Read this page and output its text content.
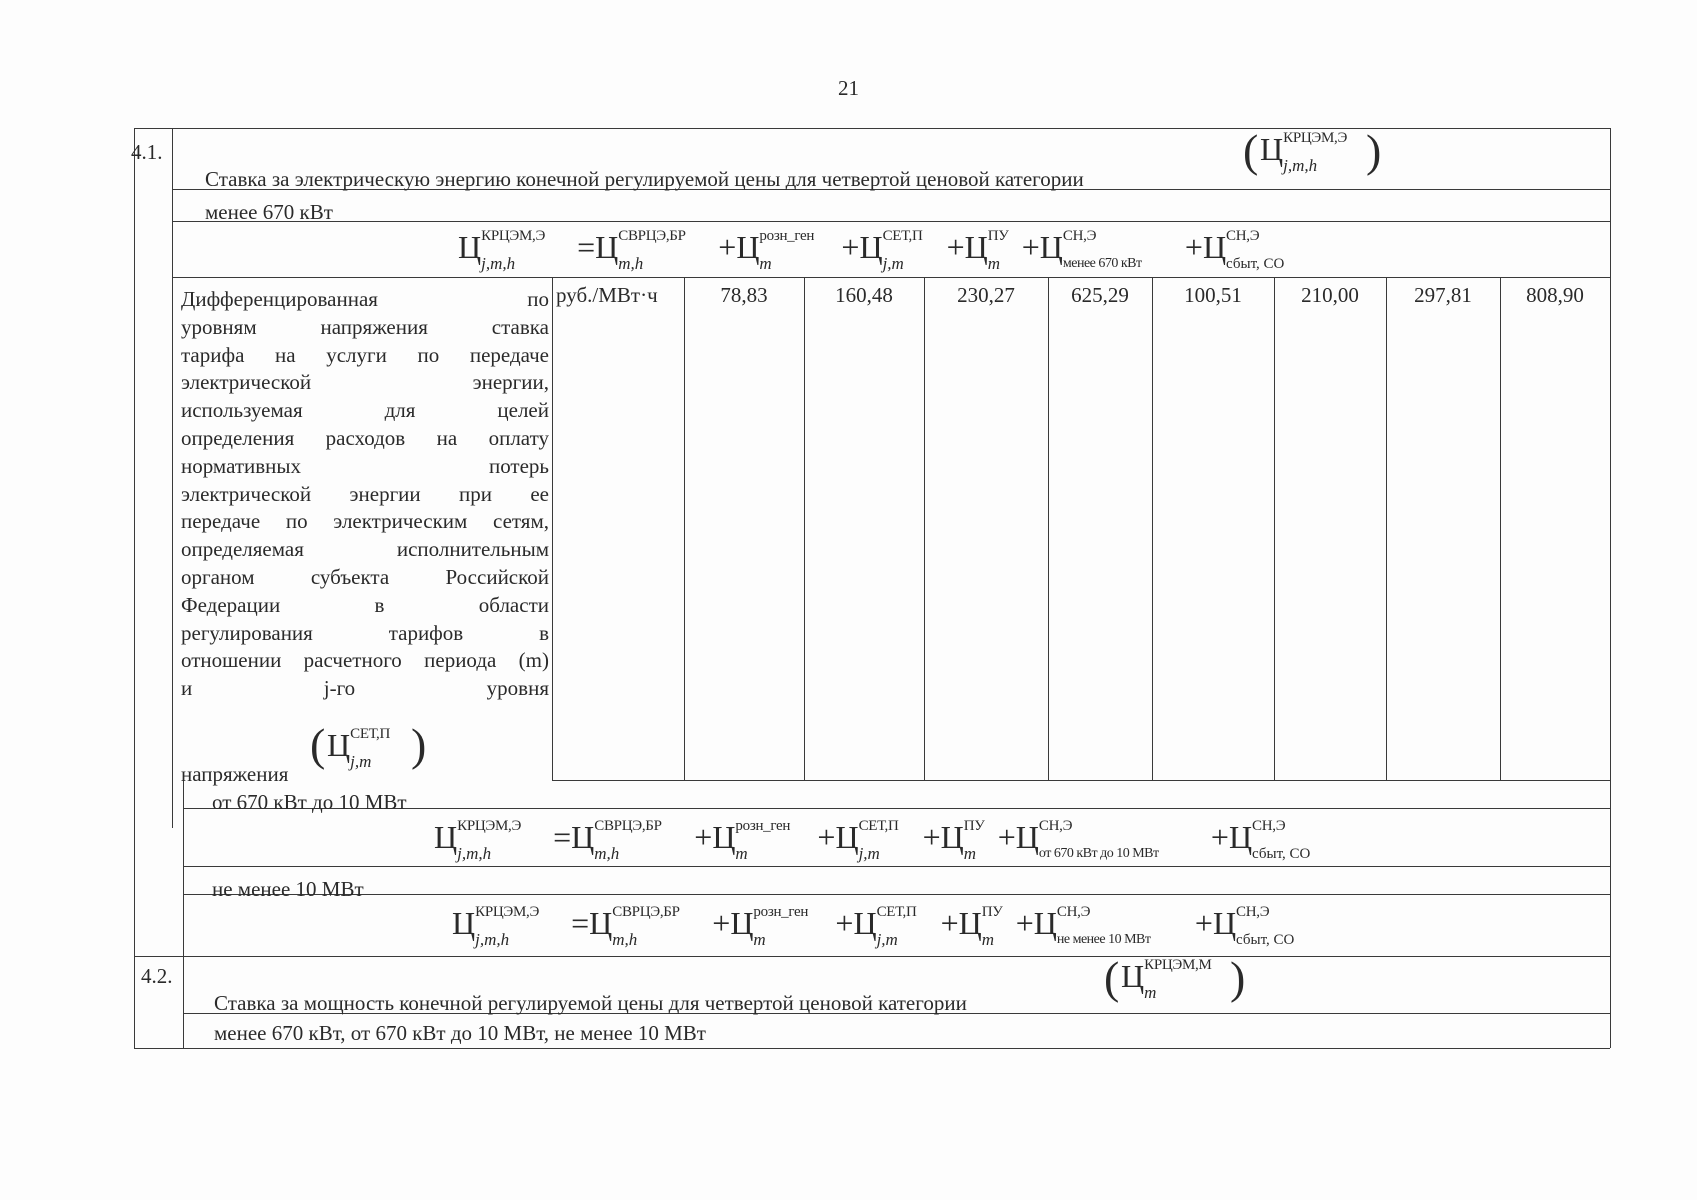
21
4.1.
Ставка за электрическую энергию конечной регулируемой цены для четвертой ценовой категории
( Ц КРЦЭМ,Э
j,m,h )
менее 670 кВт
Ц КРЦЭМ,Э
j,m,h =Ц СВРЦЭ,БР
m,h +Ц розн_ген
m +Ц СЕТ,П
j,m +Ц ПУ
m +Ц СН,Э
менее 670 кВт +Ц СН,Э
сбыт, СО
Дифференцированная по
уровням напряжения ставка
тарифа на услуги по передаче
электрической энергии,
используемая для целей
определения расходов на оплату
нормативных потерь
электрической энергии при ее
передаче по электрическим сетям,
определяемая исполнительным
органом субъекта Российской
Федерации в области
регулирования тарифов в
отношении расчетного периода (m)
и j-го уровня
( Ц СЕТ,П
j,m )
напряжения
руб./МВт·ч	78,83	160,48	230,27	625,29	100,51	210,00	297,81	808,90
от 670 кВт до 10 МВт
Ц КРЦЭМ,Э
j,m,h =Ц СВРЦЭ,БР
m,h +Ц розн_ген
m +Ц СЕТ,П
j,m +Ц ПУ
m +Ц СН,Э
от 670 кВт до 10 МВт +Ц СН,Э
сбыт, СО
не менее 10 МВт
Ц КРЦЭМ,Э
j,m,h =Ц СВРЦЭ,БР
m,h +Ц розн_ген
m +Ц СЕТ,П
j,m +Ц ПУ
m +Ц СН,Э
не менее 10 МВт +Ц СН,Э
сбыт, СО
4.2.
Ставка за мощность конечной регулируемой цены для четвертой ценовой категории	( Ц КРЦЭМ,М
m )
менее 670 кВт, от 670 кВт до 10 МВт, не менее 10 МВт
